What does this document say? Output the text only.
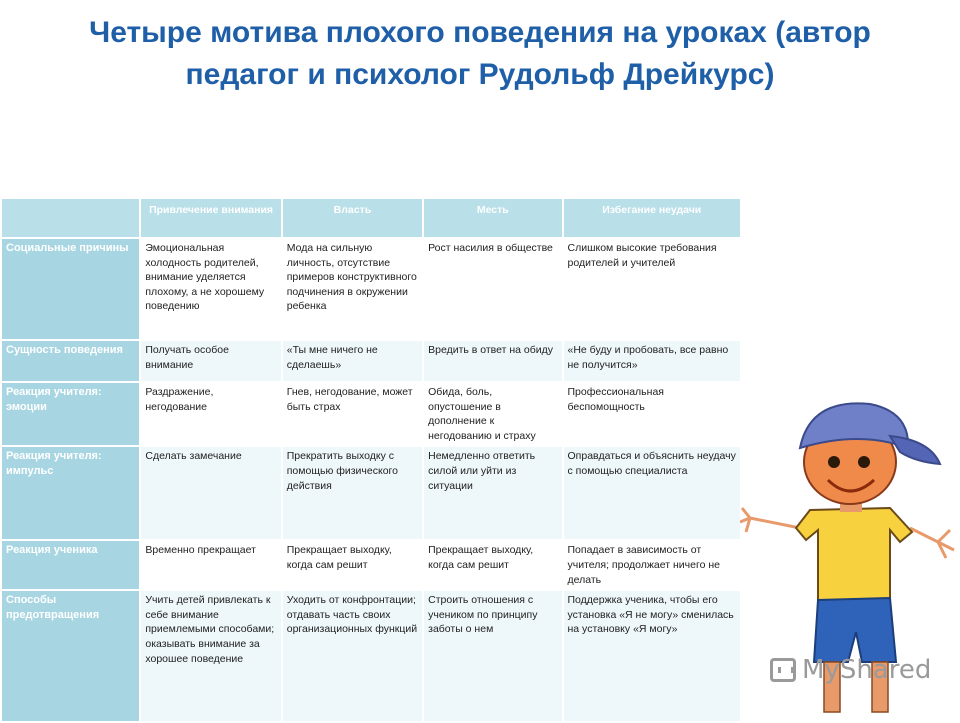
Четыре мотива плохого поведения на уроках (автор педагог и психолог Рудольф Дрейкурс)
	Привлечение внимания	Власть	Месть	Избегание неудачи
Социальные причины	Эмоциональная холодность родителей, внимание уделяется плохому, а не хорошему поведению	Мода на сильную личность, отсутствие примеров конструктивного подчинения в окружении ребенка	Рост насилия в обществе	Слишком высокие требования родителей и учителей
Сущность поведения	Получать особое внимание	«Ты мне ничего не сделаешь»	Вредить в ответ на обиду	«Не буду и пробовать, все равно не получится»
Реакция учителя: эмоции	Раздражение, негодование	Гнев, негодование, может быть страх	Обида, боль, опустошение в дополнение к негодованию и страху	Профессиональная беспомощность
Реакция учителя: импульс	Сделать замечание	Прекратить выходку с помощью физического действия	Немедленно ответить силой или уйти из ситуации	Оправдаться и объяснить неудачу с помощью специалиста
Реакция ученика	Временно прекращает	Прекращает выходку, когда сам решит	Прекращает выходку, когда сам решит	Попадает в зависимость от учителя; продолжает ничего не делать
Способы предотвращения	Учить детей привлекать к себе внимание приемлемыми способами; оказывать внимание за хорошее поведение	Уходить от конфронтации; отдавать часть своих организационных функций	Строить отношения с учеником по принципу заботы о нем	Поддержка ученика, чтобы его установка «Я не могу» сменилась на установку «Я могу»
MyShared
